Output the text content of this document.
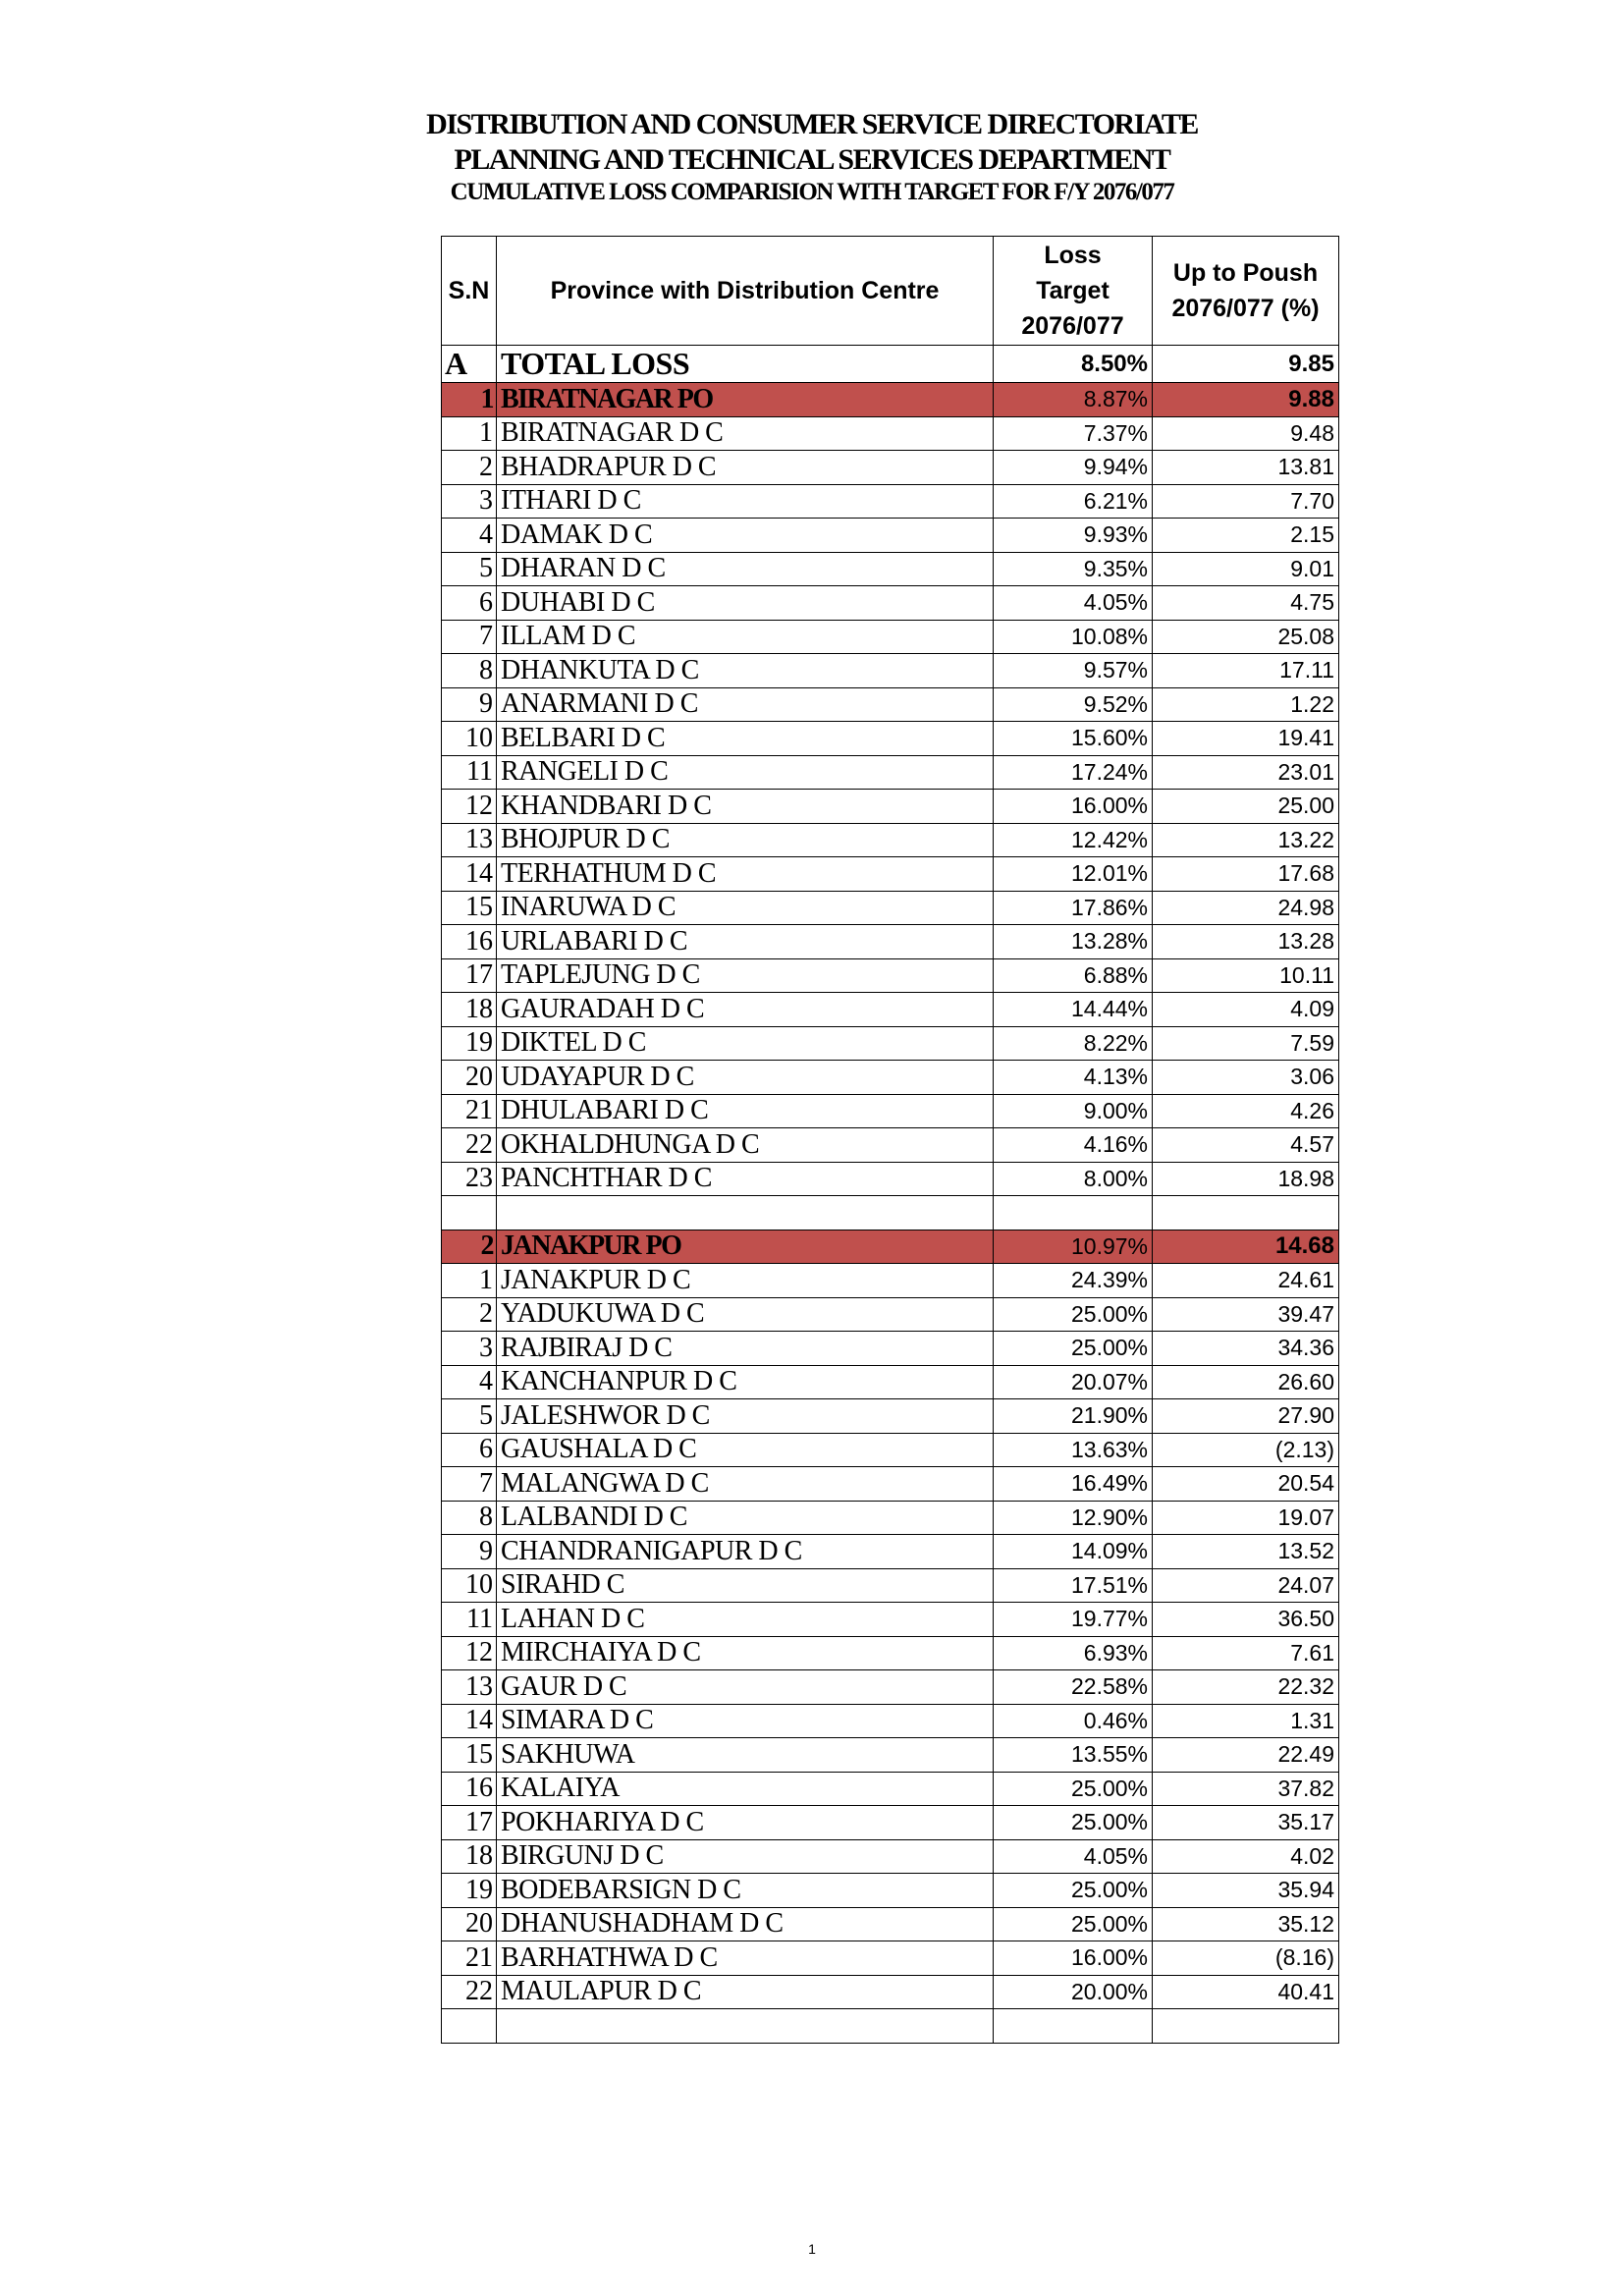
DISTRIBUTION AND CONSUMER SERVICE DIRECTORIATE
PLANNING AND TECHNICAL SERVICES DEPARTMENT
CUMULATIVE LOSS COMPARISION WITH TARGET FOR F/Y 2076/077
S.N	Province with Distribution Centre	Loss Target 2076/077	Up to Poush 2076/077 (%)
A	TOTAL LOSS	8.50%	9.85
1	BIRATNAGAR PO	8.87%	9.88
1	BIRATNAGAR D C	7.37%	9.48
2	BHADRAPUR D C	9.94%	13.81
3	ITHARI D C	6.21%	7.70
4	DAMAK D C	9.93%	2.15
5	DHARAN D C	9.35%	9.01
6	DUHABI D C	4.05%	4.75
7	ILLAM D C	10.08%	25.08
8	DHANKUTA D C	9.57%	17.11
9	ANARMANI D C	9.52%	1.22
10	BELBARI D C	15.60%	19.41
11	RANGELI D C	17.24%	23.01
12	KHANDBARI D C	16.00%	25.00
13	BHOJPUR D C	12.42%	13.22
14	TERHATHUM D C	12.01%	17.68
15	INARUWA D C	17.86%	24.98
16	URLABARI D C	13.28%	13.28
17	TAPLEJUNG D C	6.88%	10.11
18	GAURADAH D C	14.44%	4.09
19	DIKTEL D C	8.22%	7.59
20	UDAYAPUR D C	4.13%	3.06
21	DHULABARI D C	9.00%	4.26
22	OKHALDHUNGA D C	4.16%	4.57
23	PANCHTHAR D C	8.00%	18.98

2	JANAKPUR PO	10.97%	14.68
1	JANAKPUR D C	24.39%	24.61
2	YADUKUWA D C	25.00%	39.47
3	RAJBIRAJ D C	25.00%	34.36
4	KANCHANPUR D C	20.07%	26.60
5	JALESHWOR D C	21.90%	27.90
6	GAUSHALA D C	13.63%	(2.13)
7	MALANGWA D C	16.49%	20.54
8	LALBANDI D C	12.90%	19.07
9	CHANDRANIGAPUR D C	14.09%	13.52
10	SIRAHD C	17.51%	24.07
11	LAHAN D C	19.77%	36.50
12	MIRCHAIYA D C	6.93%	7.61
13	GAUR D C	22.58%	22.32
14	SIMARA D C	0.46%	1.31
15	SAKHUWA	13.55%	22.49
16	KALAIYA	25.00%	37.82
17	POKHARIYA D C	25.00%	35.17
18	BIRGUNJ D C	4.05%	4.02
19	BODEBARSIGN D C	25.00%	35.94
20	DHANUSHADHAM D C	25.00%	35.12
21	BARHATHWA D C	16.00%	(8.16)
22	MAULAPUR D C	20.00%	40.41

1
